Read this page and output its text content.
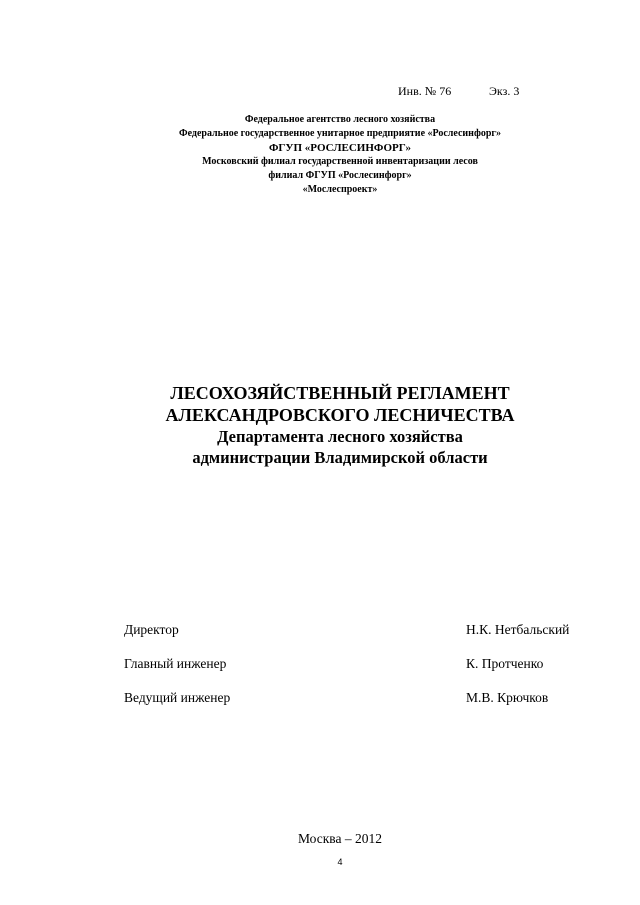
Инв. № 76	Экз. 3
Федеральное агентство лесного хозяйства
Федеральное государственное унитарное предприятие «Рослесинфорг»
ФГУП «РОСЛЕСИНФОРГ»
Московский филиал государственной инвентаризации лесов
филиал ФГУП «Рослесинфорг»
«Мослеспроект»
ЛЕСОХОЗЯЙСТВЕННЫЙ РЕГЛАМЕНТ
АЛЕКСАНДРОВСКОГО ЛЕСНИЧЕСТВА
Департамента лесного хозяйства
администрации Владимирской области
Директор	Н.К. Нетбальский
Главный инженер	К. Протченко
Ведущий инженер	М.В. Крючков
Москва – 2012
4
